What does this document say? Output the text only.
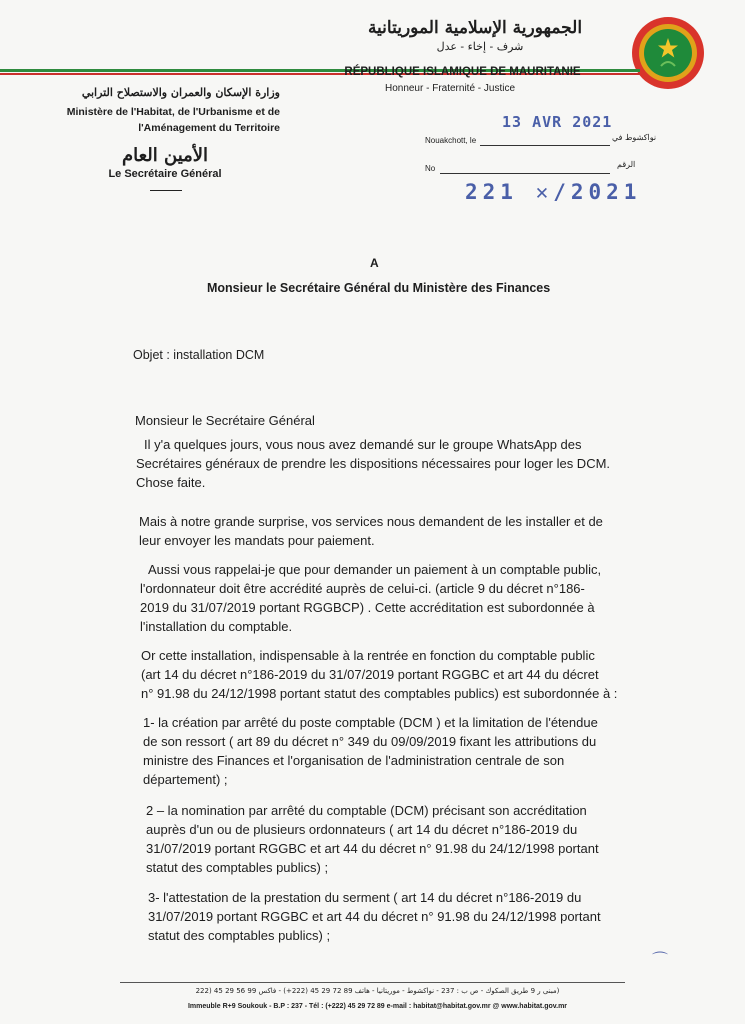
الجمهورية الإسلامية الموريتانية
شرف - إخاء - عدل
RÉPUBLIQUE ISLAMIQUE DE MAURITANIE
Honneur - Fraternité - Justice
وزارة الإسكان والعمران والاستصلاح الترابي
Ministère de l'Habitat, de l'Urbanisme et de
l'Aménagement du Territoire
الأمين العام
Le Secrétaire Général
Nouakchott, le	نواكشوط في
13 AVR 2021
No	الرقم
221 ✕/2021
A
Monsieur le Secrétaire Général du Ministère des Finances
Objet : installation DCM
Monsieur le Secrétaire Général
Il y'a quelques jours, vous nous avez demandé sur le groupe WhatsApp des
Secrétaires généraux de prendre les dispositions nécessaires pour loger les DCM.
Chose faite.
Mais à notre grande surprise, vos services nous demandent de les installer et de
leur envoyer les mandats pour paiement.
Aussi vous rappelai-je que pour demander un paiement à un comptable public,
l'ordonnateur doit être accrédité auprès de celui-ci. (article 9 du décret n°186-
2019 du 31/07/2019 portant RGGBCP) . Cette accréditation est subordonnée à
l'installation du comptable.
Or cette installation, indispensable à la rentrée en fonction du comptable public
(art 14 du décret n°186-2019 du 31/07/2019 portant RGGBC et art 44 du décret
n° 91.98 du 24/12/1998 portant statut des comptables publics) est subordonnée à :
1- la création par arrêté du poste comptable (DCM ) et la limitation de l'étendue
de son ressort ( art 89 du décret n° 349 du 09/09/2019 fixant les attributions du
ministre des Finances et l'organisation de l'administration centrale de son
département) ;
2 – la nomination par arrêté du comptable (DCM) précisant son accréditation
auprès d'un ou de plusieurs ordonnateurs ( art 14 du décret n°186-2019 du
31/07/2019 portant RGGBC et art 44 du décret n° 91.98 du 24/12/1998 portant
statut des comptables publics) ;
3- l'attestation de la prestation du serment ( art 14 du décret n°186-2019 du
31/07/2019 portant RGGBC et art 44 du décret n° 91.98 du 24/12/1998 portant
statut des comptables publics) ;
⌒
(مبنى ر 9 طريق الصكوك - ص ب : 237 - نواكشوط - موريتانيا - هاتف 89 72 29 45 (222+) - فاكس 99 56 29 45 (222
Immeuble R+9 Soukouk - B.P : 237 - Tél : (+222) 45 29 72 89 e-mail : habitat@habitat.gov.mr @ www.habitat.gov.mr
